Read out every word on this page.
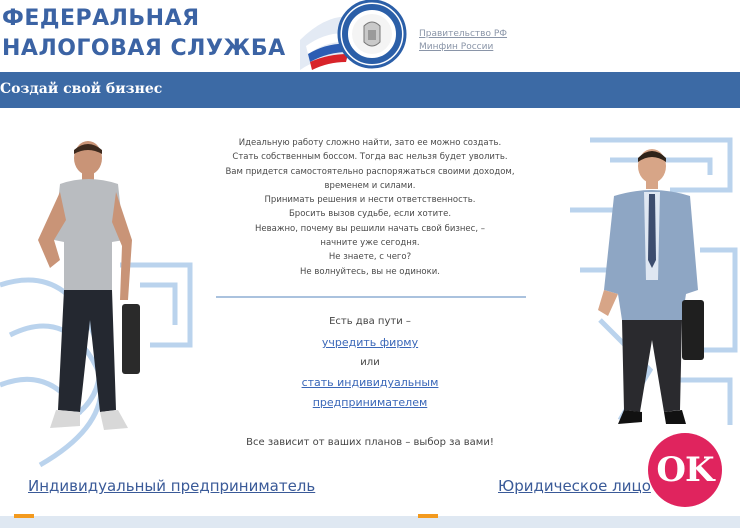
ФЕДЕРАЛЬНАЯ
НАЛОГОВАЯ СЛУЖБА
Правительство РФ
Минфин России
Создай свой бизнес
Идеальную работу сложно найти, зато ее можно создать.
Стать собственным боссом. Тогда вас нельзя будет уволить.
Вам придется самостоятельно распоряжаться своими доходом,
временем и силами.
Принимать решения и нести ответственность.
Бросить вызов судьбе, если хотите.
Неважно, почему вы решили начать свой бизнес, –
начните уже сегодня.
Не знаете, с чего?
Не волнуйтесь, вы не одиноки.
Есть два пути –
учредить фирму
или
стать индивидуальным
предпринимателем
Все зависит от ваших планов – выбор за вами!
Индивидуальный предприниматель	Юридическое лицо OK
